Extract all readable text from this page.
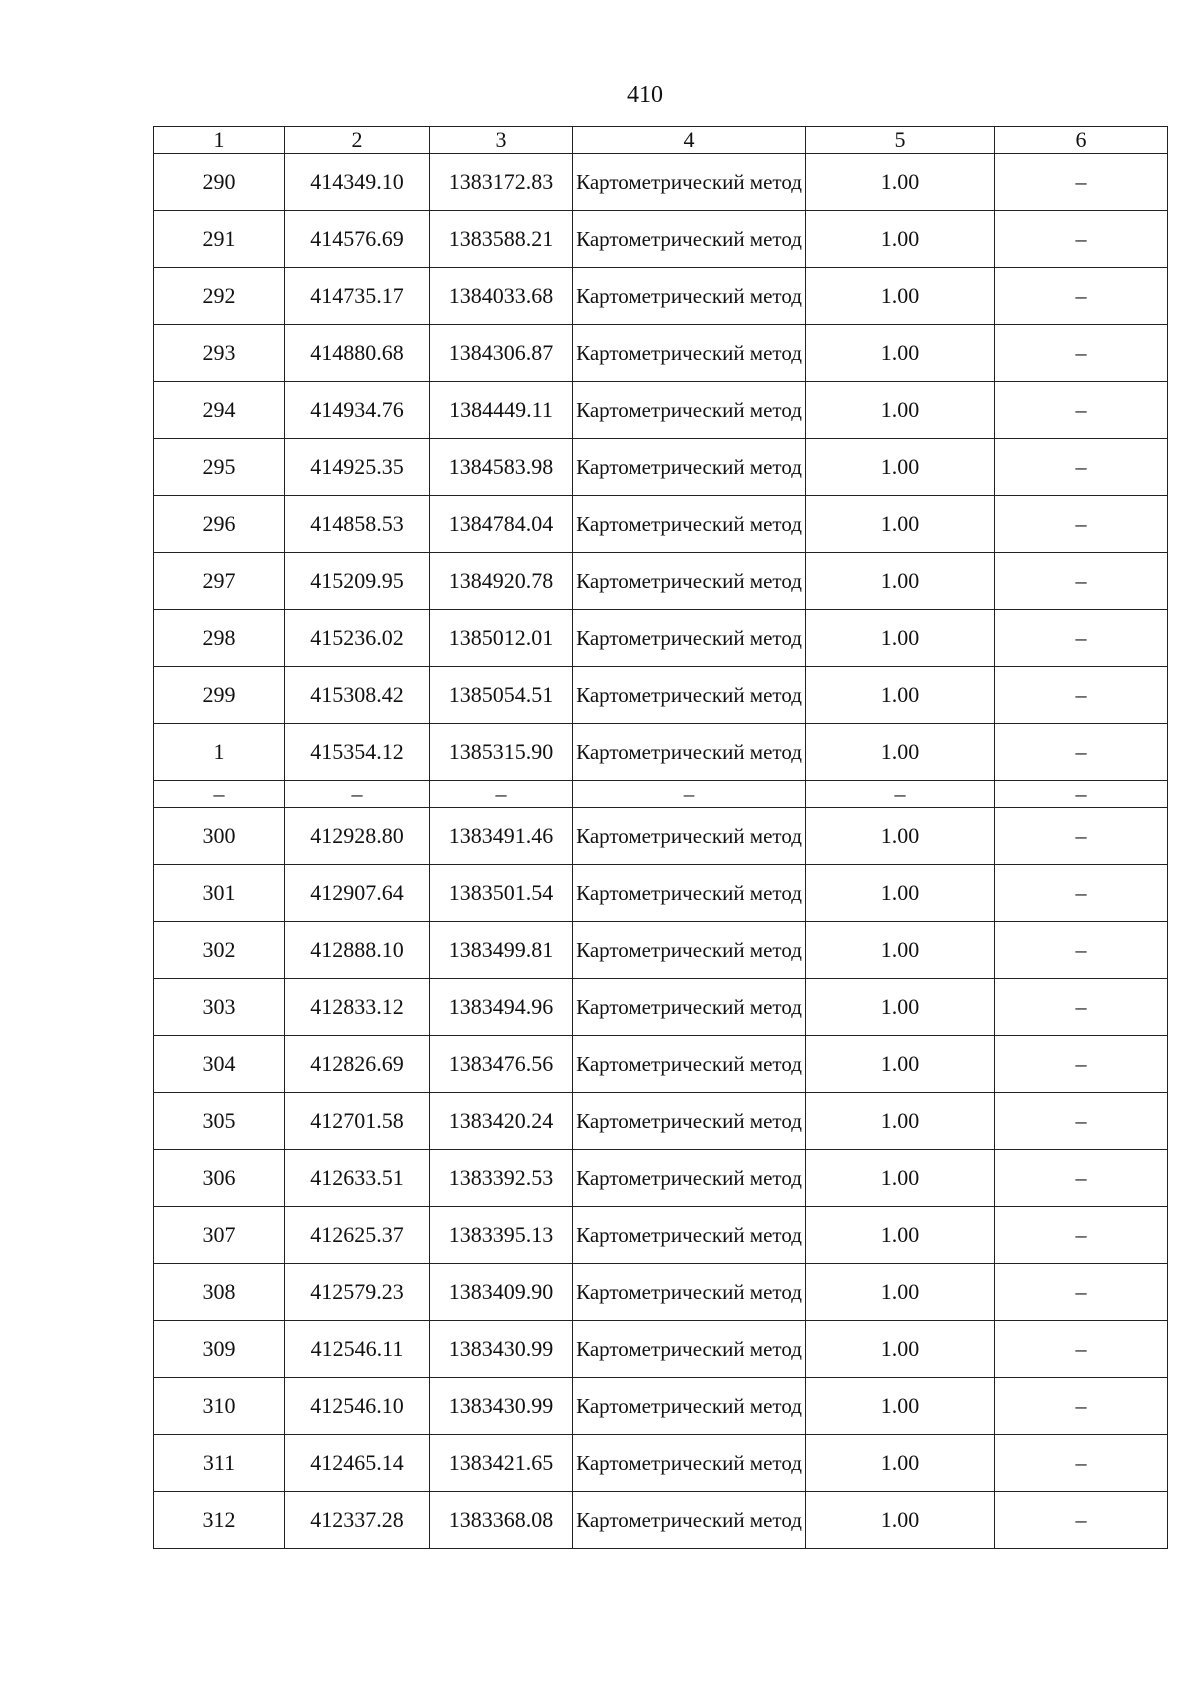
410
1	2	3	4	5	6
290	414349.10	1383172.83	Картометрический метод	1.00	–
291	414576.69	1383588.21	Картометрический метод	1.00	–
292	414735.17	1384033.68	Картометрический метод	1.00	–
293	414880.68	1384306.87	Картометрический метод	1.00	–
294	414934.76	1384449.11	Картометрический метод	1.00	–
295	414925.35	1384583.98	Картометрический метод	1.00	–
296	414858.53	1384784.04	Картометрический метод	1.00	–
297	415209.95	1384920.78	Картометрический метод	1.00	–
298	415236.02	1385012.01	Картометрический метод	1.00	–
299	415308.42	1385054.51	Картометрический метод	1.00	–
1	415354.12	1385315.90	Картометрический метод	1.00	–
–	–	–	–	–	–
300	412928.80	1383491.46	Картометрический метод	1.00	–
301	412907.64	1383501.54	Картометрический метод	1.00	–
302	412888.10	1383499.81	Картометрический метод	1.00	–
303	412833.12	1383494.96	Картометрический метод	1.00	–
304	412826.69	1383476.56	Картометрический метод	1.00	–
305	412701.58	1383420.24	Картометрический метод	1.00	–
306	412633.51	1383392.53	Картометрический метод	1.00	–
307	412625.37	1383395.13	Картометрический метод	1.00	–
308	412579.23	1383409.90	Картометрический метод	1.00	–
309	412546.11	1383430.99	Картометрический метод	1.00	–
310	412546.10	1383430.99	Картометрический метод	1.00	–
311	412465.14	1383421.65	Картометрический метод	1.00	–
312	412337.28	1383368.08	Картометрический метод	1.00	–
